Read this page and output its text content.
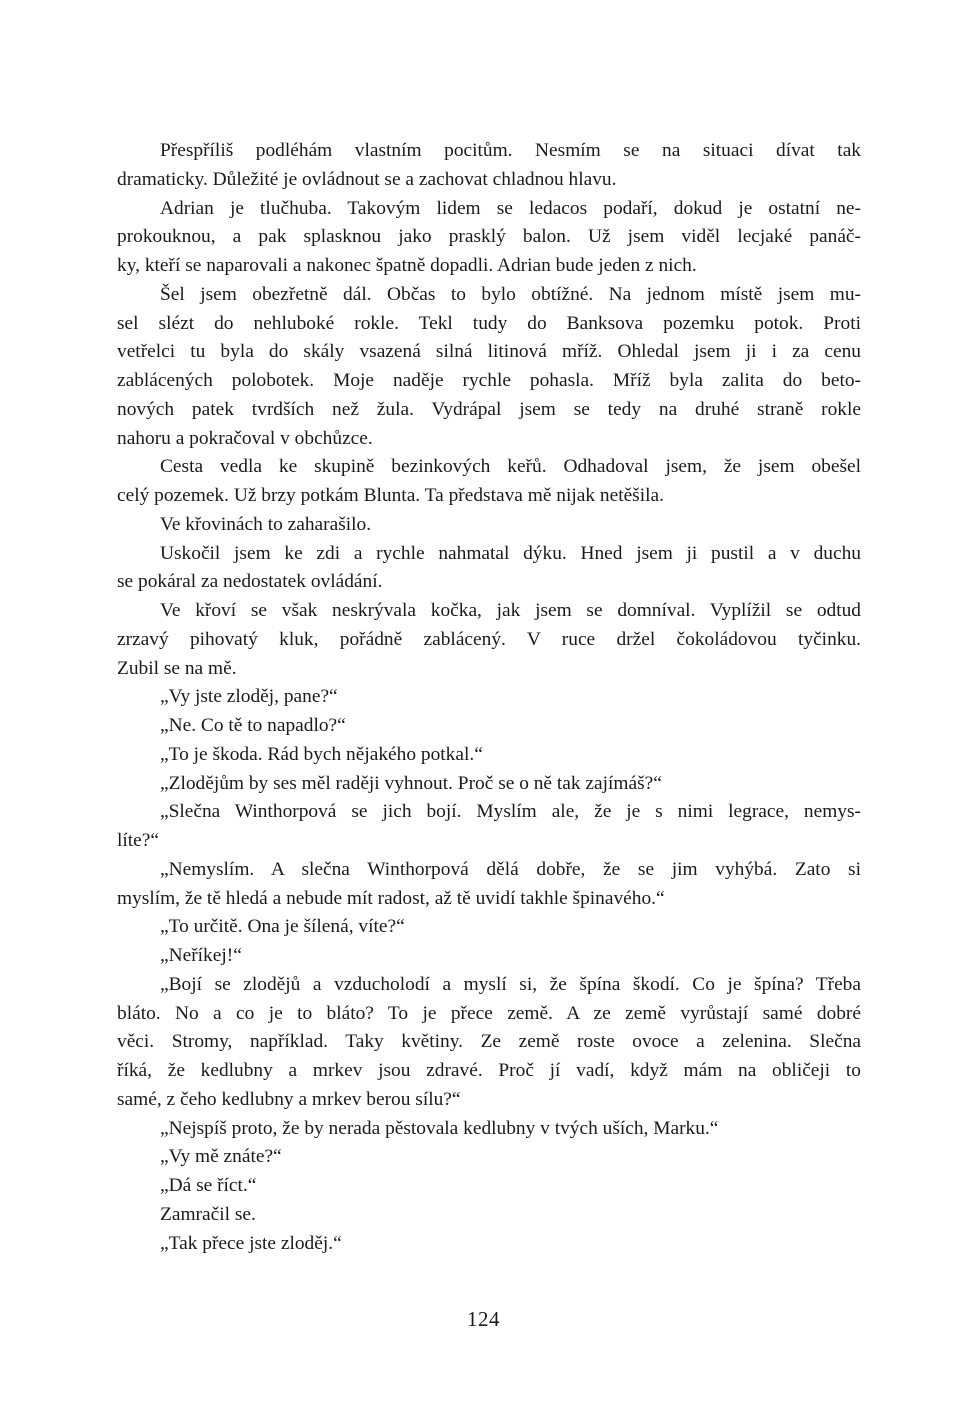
Přespříliš podléhám vlastním pocitům. Nesmím se na situaci dívat tak
dramaticky. Důležité je ovládnout se a zachovat chladnou hlavu.
Adrian je tlučhuba. Takovým lidem se ledacos podaří, dokud je ostatní ne-
prokouknou, a pak splasknou jako prasklý balon. Už jsem viděl lecjaké panáč-
ky, kteří se naparovali a nakonec špatně dopadli. Adrian bude jeden z nich.
Šel jsem obezřetně dál. Občas to bylo obtížné. Na jednom místě jsem mu-
sel slézt do nehluboké rokle. Tekl tudy do Banksova pozemku potok. Proti
vetřelci tu byla do skály vsazená silná litinová mříž. Ohledal jsem ji i za cenu
zablácených polobotek. Moje naděje rychle pohasla. Mříž byla zalita do beto-
nových patek tvrdších než žula. Vydrápal jsem se tedy na druhé straně rokle
nahoru a pokračoval v obchůzce.
Cesta vedla ke skupině bezinkových keřů. Odhadoval jsem, že jsem obešel
celý pozemek. Už brzy potkám Blunta. Ta představa mě nijak netěšila.
Ve křovinách to zaharašilo.
Uskočil jsem ke zdi a rychle nahmatal dýku. Hned jsem ji pustil a v duchu
se pokáral za nedostatek ovládání.
Ve křoví se však neskrývala kočka, jak jsem se domníval. Vyplížil se odtud
zrzavý pihovatý kluk, pořádně zablácený. V ruce držel čokoládovou tyčinku.
Zubil se na mě.
„Vy jste zloděj, pane?“
„Ne. Co tě to napadlo?“
„To je škoda. Rád bych nějakého potkal.“
„Zlodějům by ses měl raději vyhnout. Proč se o ně tak zajímáš?“
„Slečna Winthorpová se jich bojí. Myslím ale, že je s nimi legrace, nemys-
líte?“
„Nemyslím. A slečna Winthorpová dělá dobře, že se jim vyhýbá. Zato si
myslím, že tě hledá a nebude mít radost, až tě uvidí takhle špinavého.“
„To určitě. Ona je šílená, víte?“
„Neříkej!“
„Bojí se zlodějů a vzducholodí a myslí si, že špína škodí. Co je špína? Třeba
bláto. No a co je to bláto? To je přece země. A ze země vyrůstají samé dobré
věci. Stromy, například. Taky květiny. Ze země roste ovoce a zelenina. Slečna
říká, že kedlubny a mrkev jsou zdravé. Proč jí vadí, když mám na obličeji to
samé, z čeho kedlubny a mrkev berou sílu?“
„Nejspíš proto, že by nerada pěstovala kedlubny v tvých uších, Marku.“
„Vy mě znáte?“
„Dá se říct.“
Zamračil se.
„Tak přece jste zloděj.“
124
